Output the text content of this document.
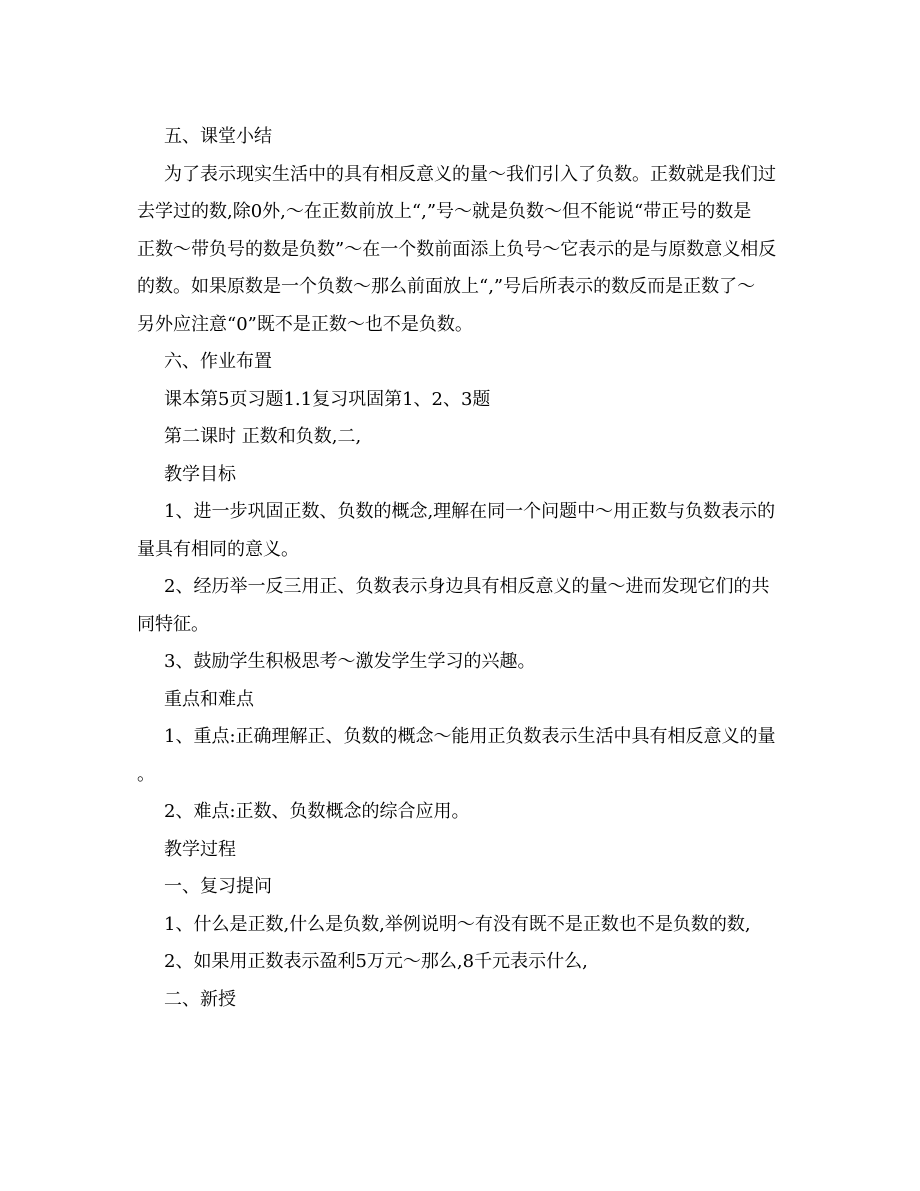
五、课堂小结
为了表示现实生活中的具有相反意义的量～我们引入了负数。正数就是我们过
去学过的数,除0外,～在正数前放上“,”号～就是负数～但不能说“带正号的数是
正数～带负号的数是负数”～在一个数前面添上负号～它表示的是与原数意义相反
的数。如果原数是一个负数～那么前面放上“,”号后所表示的数反而是正数了～
另外应注意“0”既不是正数～也不是负数。
六、作业布置
课本第5页习题1.1复习巩固第1、2、3题
第二课时 正数和负数,二,
教学目标
1、进一步巩固正数、负数的概念,理解在同一个问题中～用正数与负数表示的
量具有相同的意义。
2、经历举一反三用正、负数表示身边具有相反意义的量～进而发现它们的共
同特征。
3、鼓励学生积极思考～激发学生学习的兴趣。
重点和难点
1、重点:正确理解正、负数的概念～能用正负数表示生活中具有相反意义的量
。
2、难点:正数、负数概念的综合应用。
教学过程
一、复习提问
1、什么是正数,什么是负数,举例说明～有没有既不是正数也不是负数的数,
2、如果用正数表示盈利5万元～那么,8千元表示什么,
二、新授
